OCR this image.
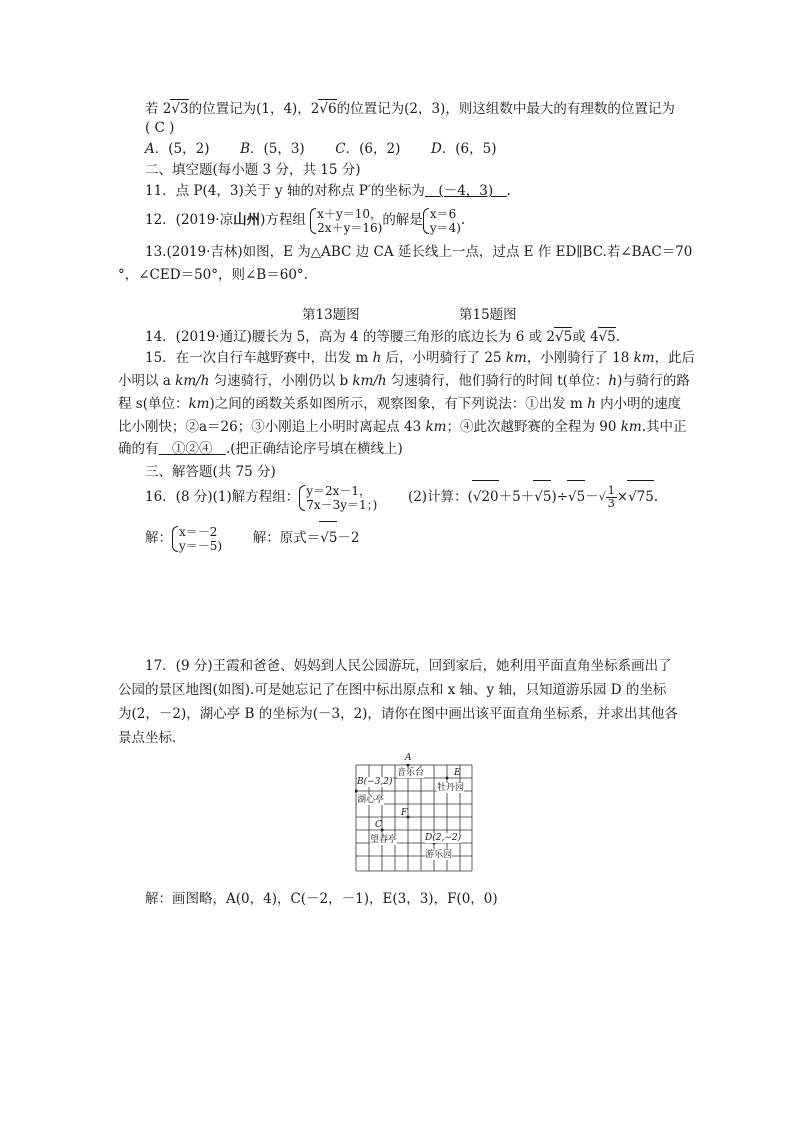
若 2√3的位置记为(1，4)，2√6的位置记为(2，3)，则这组数中最大的有理数的位置记为
( C )
A．(5，2) B．(5，3) C．(6，2) D．(6，5)
二、填空题(每小题 3 分，共 15 分)
11．点 P(4，3)关于 y 轴的对称点 P′的坐标为　(－4，3)　.
12．(2019·凉山州)方程组 x＋y＝10，
2x＋y＝16 ) 的解是 x＝6
y＝4 ) .
13.(2019·吉林)如图，E 为△ABC 边 CA 延长线上一点，过点 E 作 ED∥BC.若∠BAC＝70
°，∠CED＝50°，则∠B＝60°.
第13题图	第15题图
14．(2019·通辽)腰长为 5，高为 4 的等腰三角形的底边长为 6 或 2√5或 4√5.
15．在一次自行车越野赛中，出发 m h 后，小明骑行了 25 km，小刚骑行了 18 km，此后
小明以 a km/h 匀速骑行，小刚仍以 b km/h 匀速骑行，他们骑行的时间 t(单位：h)与骑行的路
程 s(单位：km)之间的函数关系如图所示，观察图象，有下列说法：①出发 m h 内小明的速度
比小刚快；②a＝26；③小刚追上小明时离起点 43 km；④此次越野赛的全程为 90 km.其中正
确的有　①②④　.(把正确结论序号填在横线上)
三、解答题(共 75 分)
16．(8 分)(1)解方程组： y＝2x－1，
7x－3y＝1； )	(2)计算：$(√20+5+√5)\div√5-√ \frac{1}{3} \times√75$.
解： x＝－2
y＝－5 )	解：原式＝√5－2
17．(9 分)王霞和爸爸、妈妈到人民公园游玩，回到家后，她利用平面直角坐标系画出了
公园的景区地图(如图).可是她忘记了在图中标出原点和 x 轴、y 轴，只知道游乐园 D 的坐标
为(2，－2)，湖心亭 B 的坐标为(－3，2)，请你在图中画出该平面直角坐标系，并求出其他各
景点坐标．
A
音乐台	E
B(−3,2)
牡丹园
湖心亭
F
C
望春亭	D(2,−2)
游乐园
解：画图略，A(0，4)，C(－2，－1)，E(3，3)，F(0，0)
